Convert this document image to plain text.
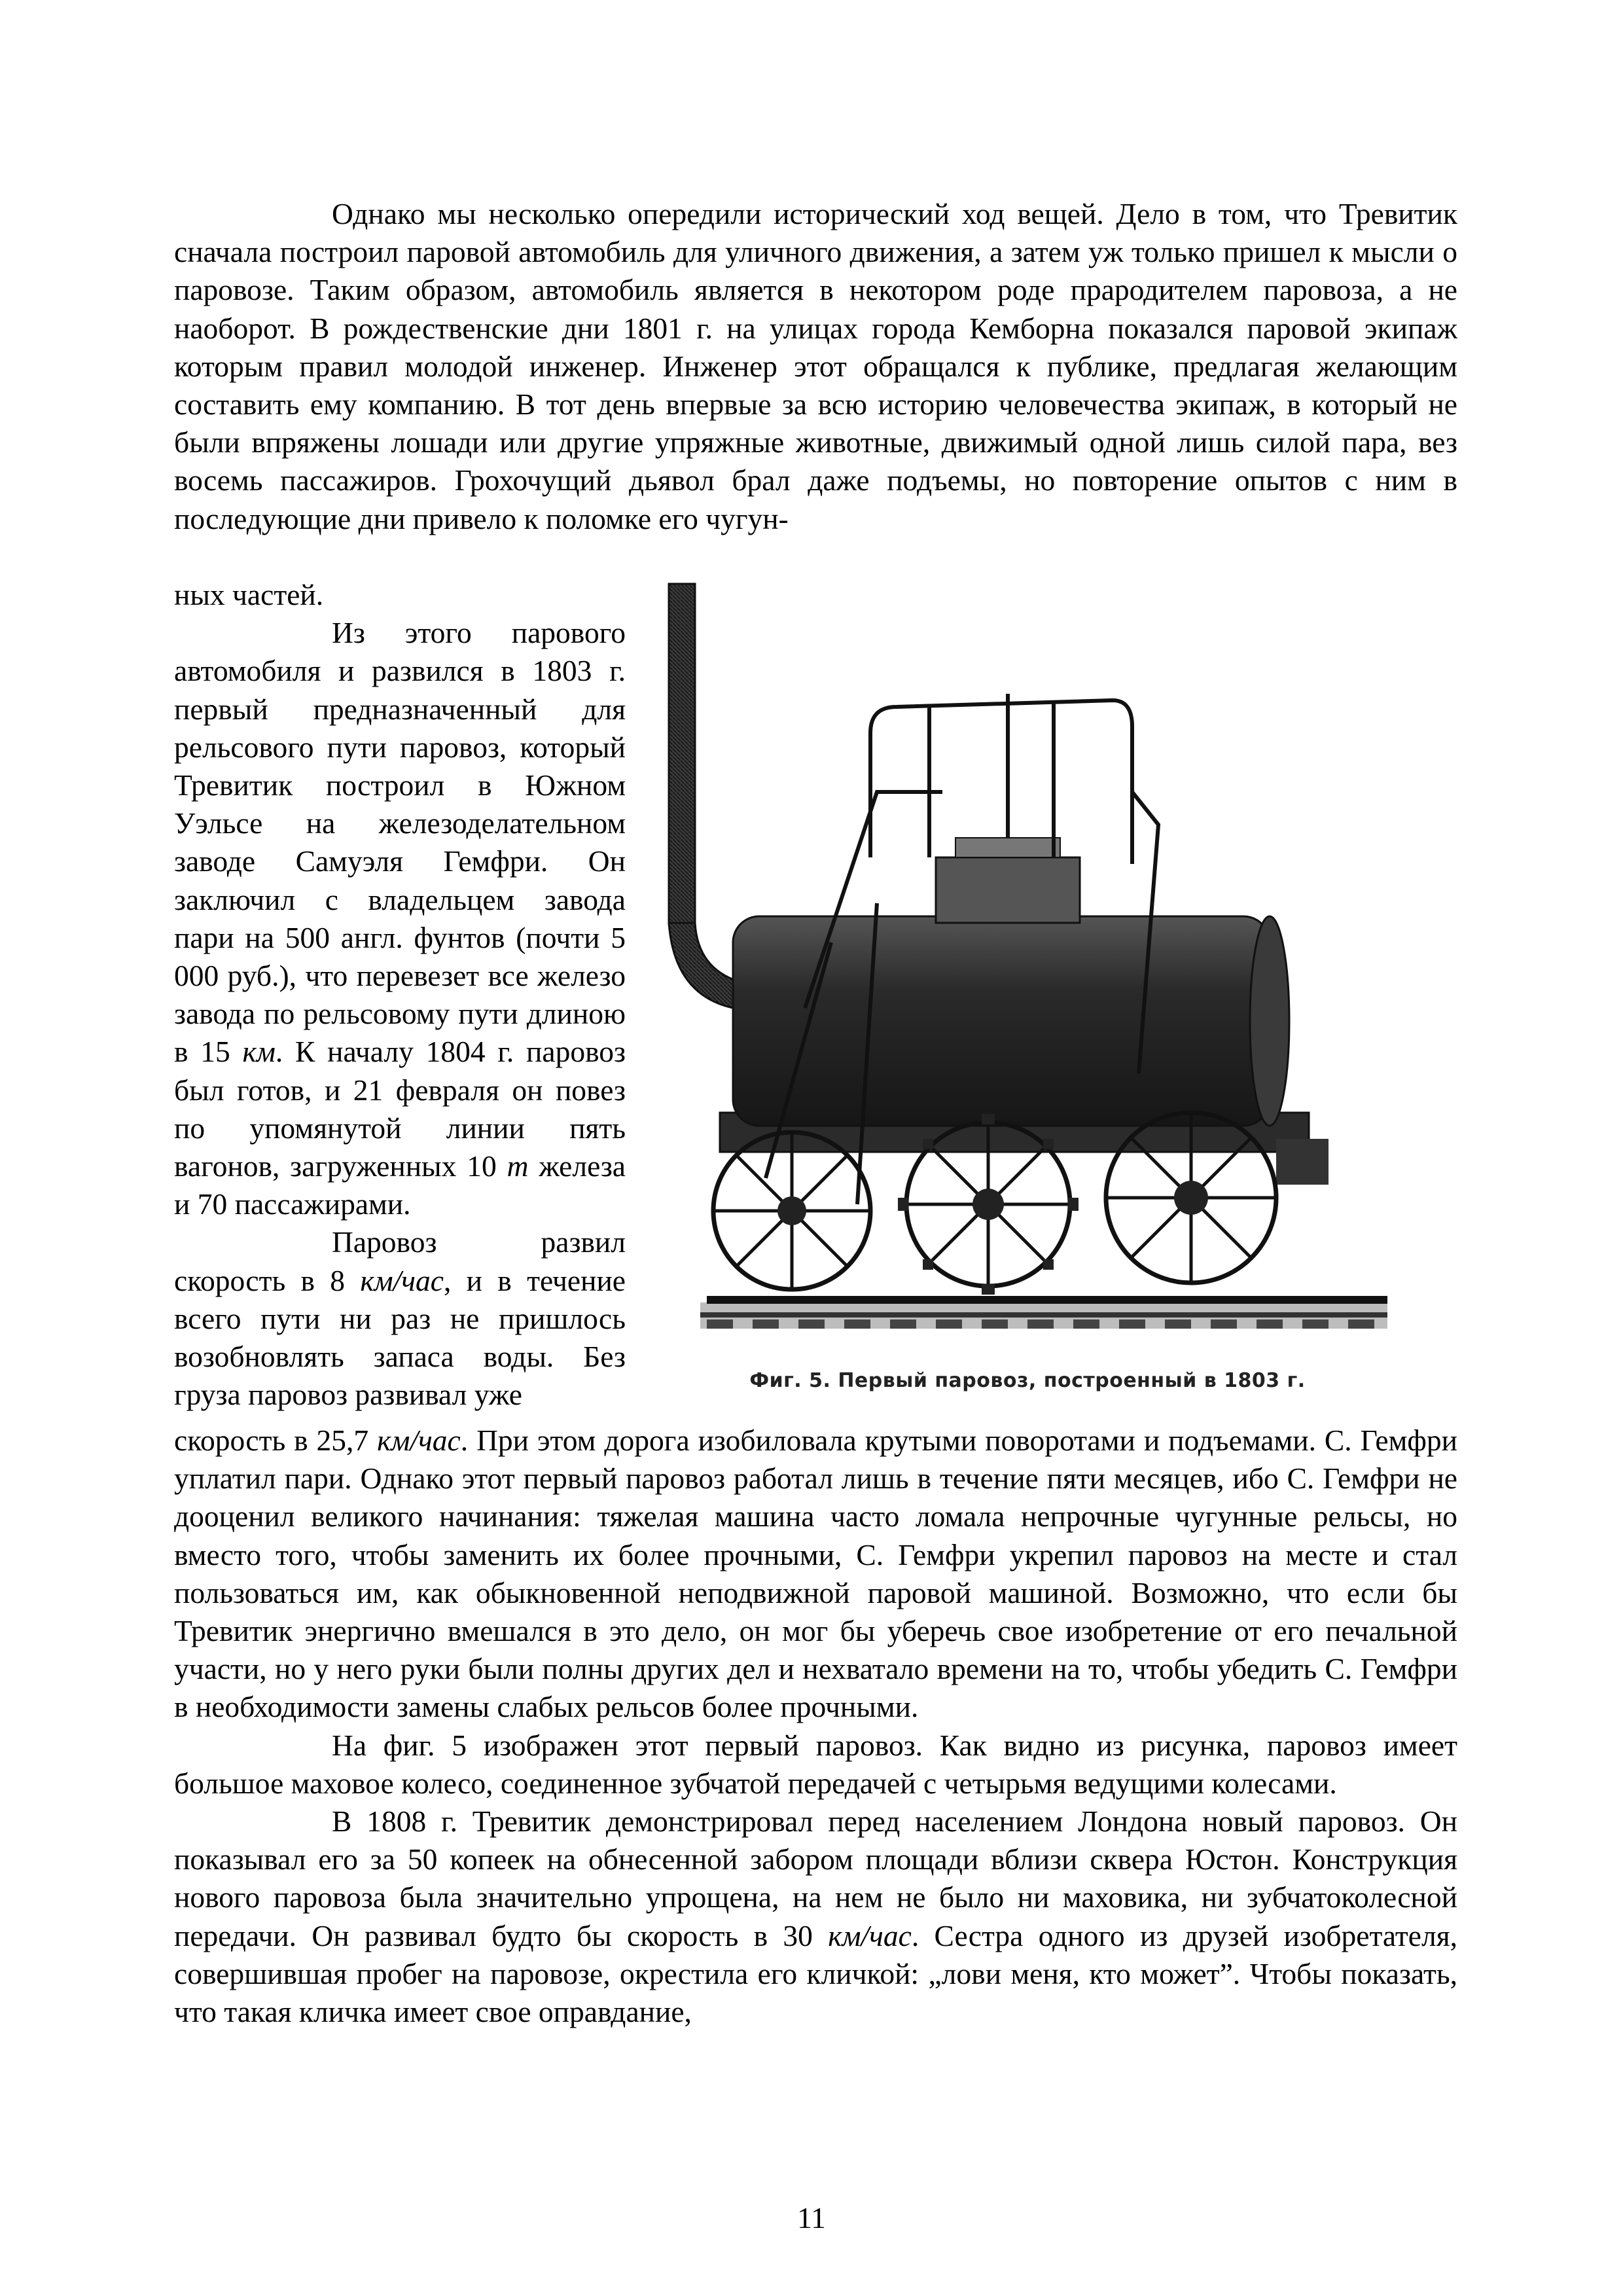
Однако мы несколько опередили исторический ход вещей. Дело в том, что Тревитик сначала построил паровой автомобиль для уличного движения, а затем уж только пришел к мысли о паровозе. Таким образом, автомобиль является в некотором роде прародителем паровоза, а не наоборот. В рождественские дни 1801 г. на улицах города Кемборна показался паровой экипаж которым правил молодой инженер. Инженер этот обращался к публике, предлагая желающим составить ему компанию. В тот день впервые за всю историю человечества экипаж, в который не были впряжены лошади или другие упряжные животные, движимый одной лишь силой пара, вез восемь пассажиров. Грохочущий дьявол брал даже подъемы, но повторение опытов с ним в последующие дни привело к поломке его чугун-

ных частей.

Из этого парового автомобиля и развился в 1803 г. первый предназначенный для рельсового пути паровоз, который Тревитик построил в Южном Уэльсе на железоделательном заводе Самуэля Гемфри. Он заключил с владельцем завода пари на 500 англ. фунтов (почти 5 000 руб.), что перевезет все железо завода по рельсовому пути длиною в 15 км. К началу 1804 г. паровоз был готов, и 21 февраля он повез по упомянутой линии пять вагонов, загруженных 10 т железа и 70 пассажирами.

Паровоз развил скорость в 8 км/час, и в течение всего пути ни раз не пришлось возобновлять запаса воды. Без груза паровоз развивал уже	Фиг. 5. Первый паровоз, построенный в 1803 г.

скорость в 25,7 км/час. При этом дорога изобиловала крутыми поворотами и подъемами. С. Гемфри уплатил пари. Однако этот первый паровоз работал лишь в течение пяти месяцев, ибо С. Гемфри не дооценил великого начинания: тяжелая машина часто ломала непрочные чугунные рельсы, но вместо того, чтобы заменить их более прочными, С. Гемфри укрепил паровоз на месте и стал пользоваться им, как обыкновенной неподвижной паровой машиной. Возможно, что если бы Тревитик энергично вмешался в это дело, он мог бы уберечь свое изобретение от его печальной участи, но у него руки были полны других дел и нехватало времени на то, чтобы убедить С. Гемфри в необходимости замены слабых рельсов более прочными.

На фиг. 5 изображен этот первый паровоз. Как видно из рисунка, паровоз имеет большое маховое колесо, соединенное зубчатой передачей с четырьмя ведущими колесами.

В 1808 г. Тревитик демонстрировал перед населением Лондона новый паровоз. Он показывал его за 50 копеек на обнесенной забором площади вблизи сквера Юстон. Конструкция нового паровоза была значительно упрощена, на нем не было ни маховика, ни зубчатоколесной передачи. Он развивал будто бы скорость в 30 км/час. Сестра одного из друзей изобретателя, совершившая пробег на паровозе, окрестила его кличкой: „лови меня, кто может”. Чтобы показать, что такая кличка имеет свое оправдание,

11
